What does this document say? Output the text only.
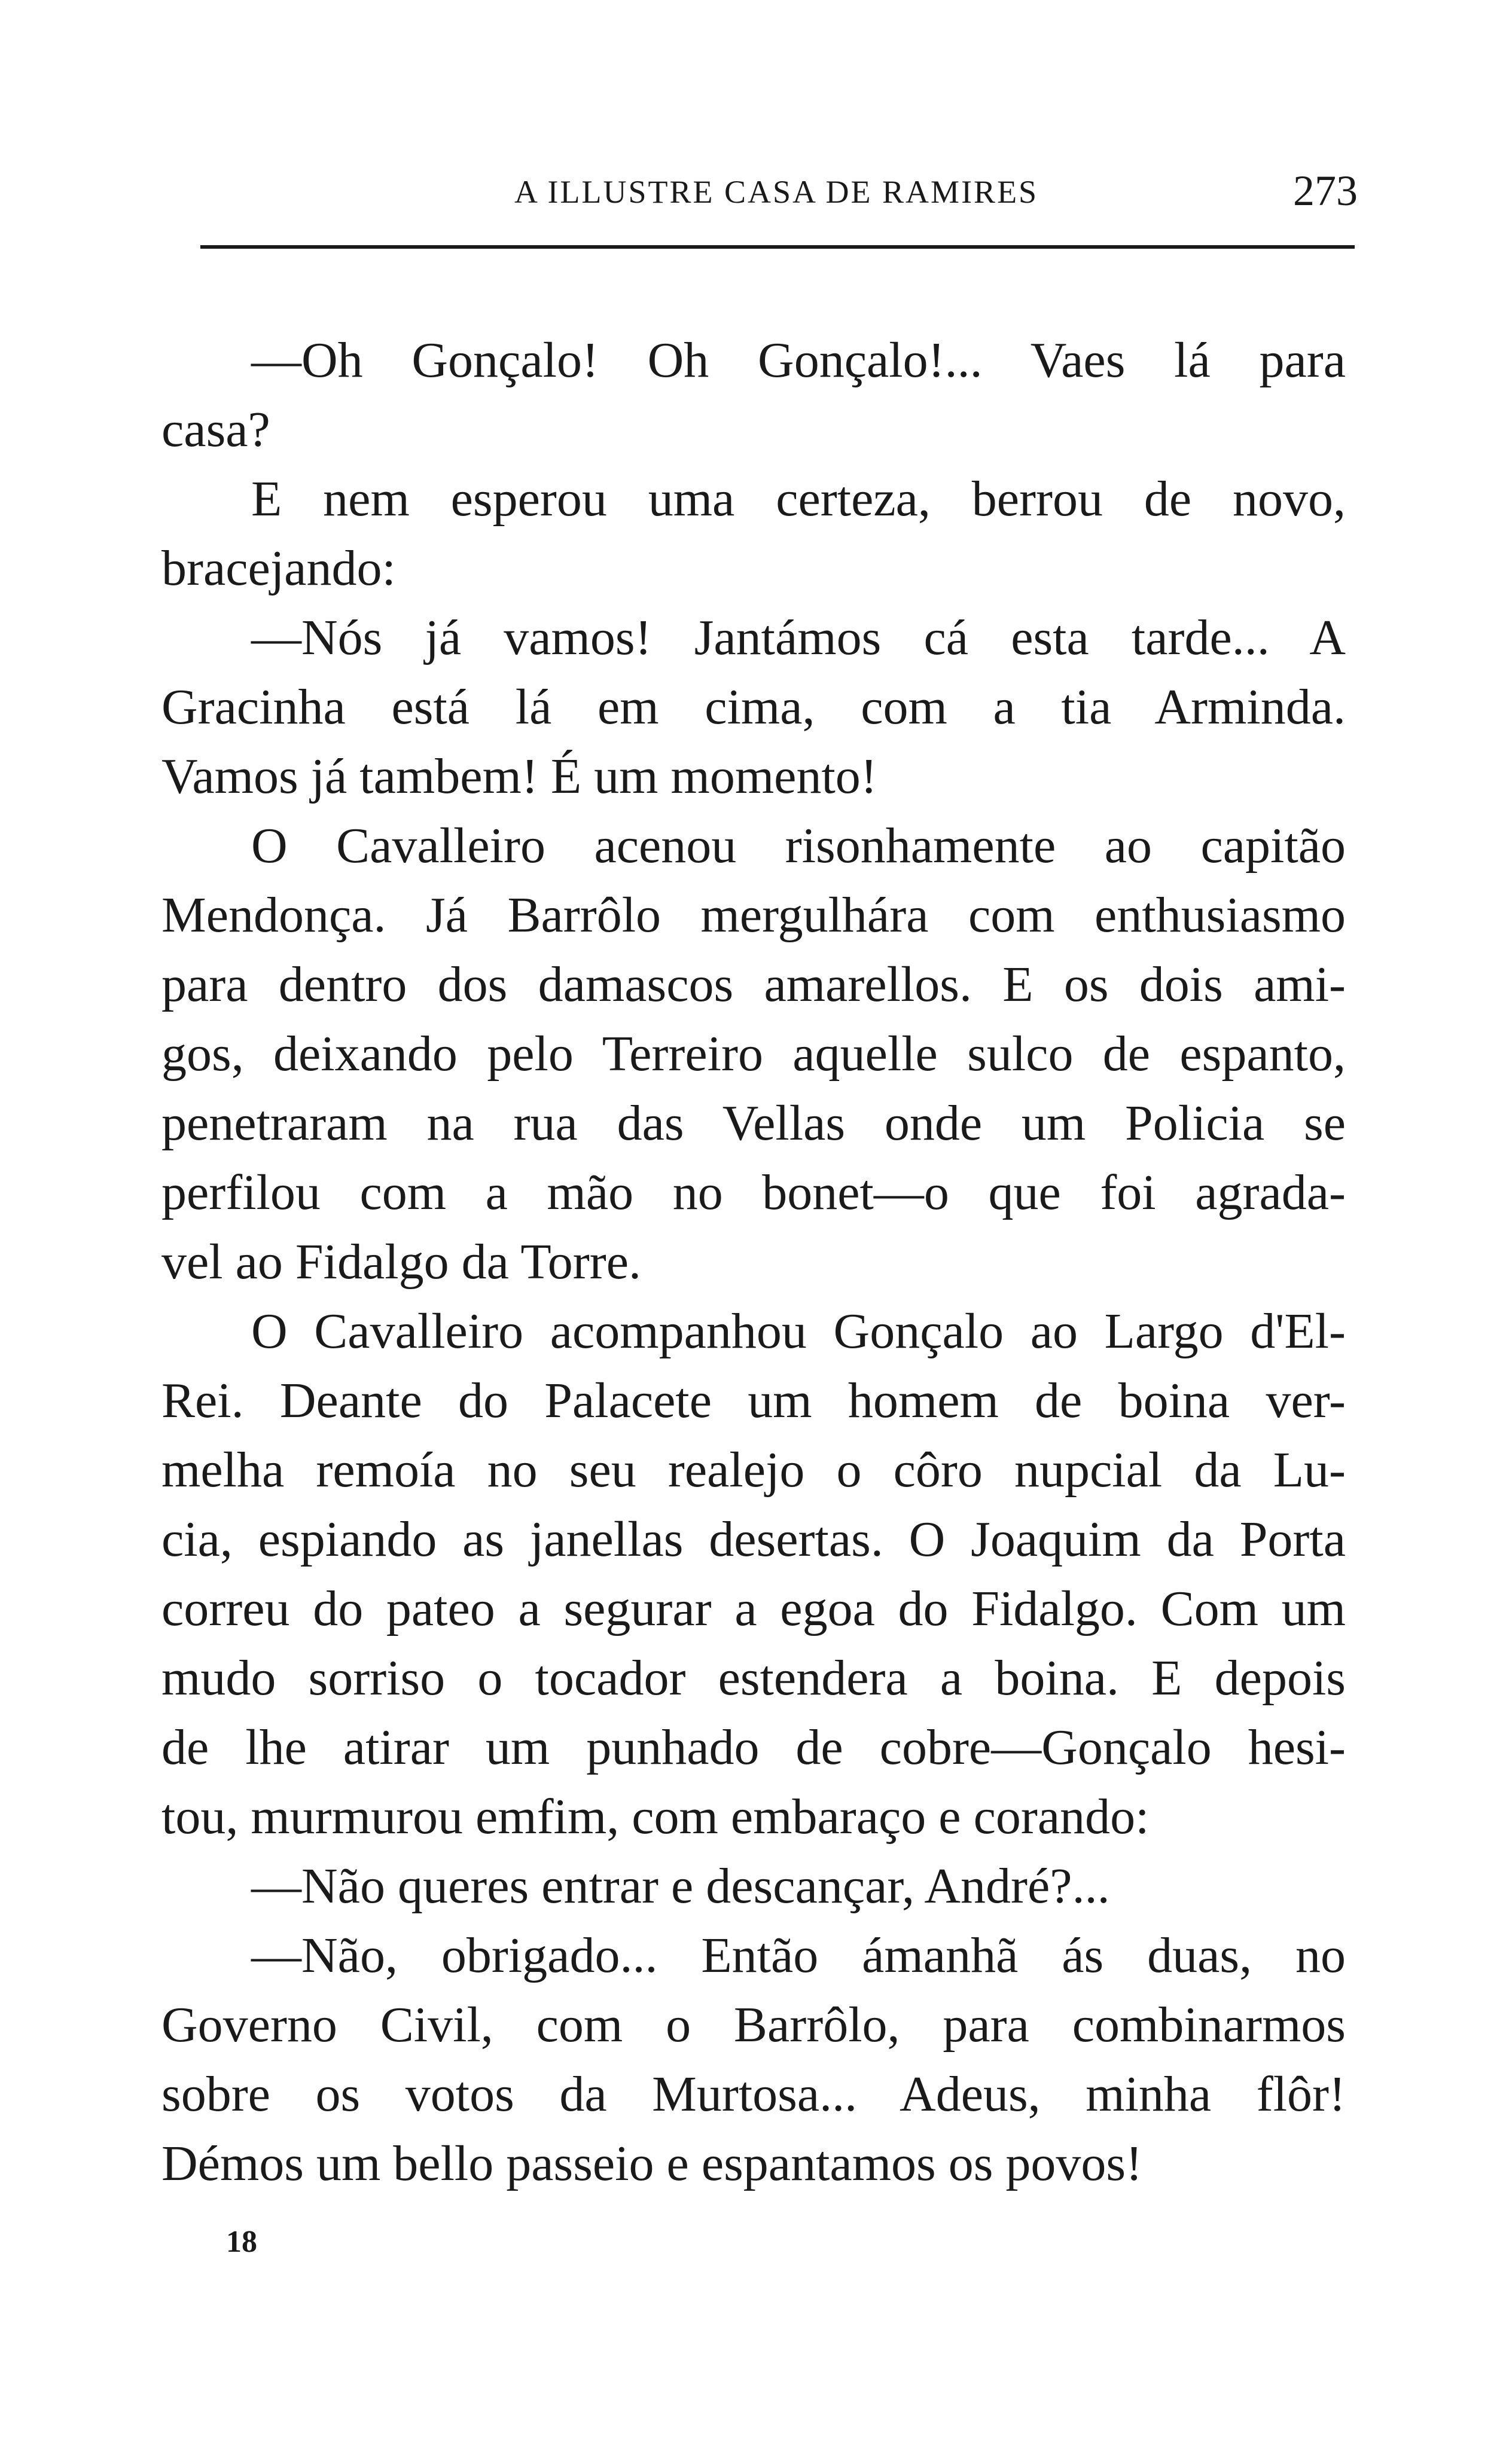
A ILLUSTRE CASA DE RAMIRES	273
—Oh Gonçalo! Oh Gonçalo!... Vaes lá para
casa?
E nem esperou uma certeza, berrou de novo,
bracejando:
—Nós já vamos! Jantámos cá esta tarde... A
Gracinha está lá em cima, com a tia Arminda.
Vamos já tambem! É um momento!
O Cavalleiro acenou risonhamente ao capitão
Mendonça. Já Barrôlo mergulhára com enthusiasmo
para dentro dos damascos amarellos. E os dois ami-
gos, deixando pelo Terreiro aquelle sulco de espanto,
penetraram na rua das Vellas onde um Policia se
perfilou com a mão no bonet—o que foi agrada-
vel ao Fidalgo da Torre.
O Cavalleiro acompanhou Gonçalo ao Largo d'El-
Rei. Deante do Palacete um homem de boina ver-
melha remoía no seu realejo o côro nupcial da Lu-
cia, espiando as janellas desertas. O Joaquim da Porta
correu do pateo a segurar a egoa do Fidalgo. Com um
mudo sorriso o tocador estendera a boina. E depois
de lhe atirar um punhado de cobre—Gonçalo hesi-
tou, murmurou emfim, com embaraço e corando:
—Não queres entrar e descançar, André?...
—Não, obrigado... Então ámanhã ás duas, no
Governo Civil, com o Barrôlo, para combinarmos
sobre os votos da Murtosa... Adeus, minha flôr!
Démos um bello passeio e espantamos os povos!
18
